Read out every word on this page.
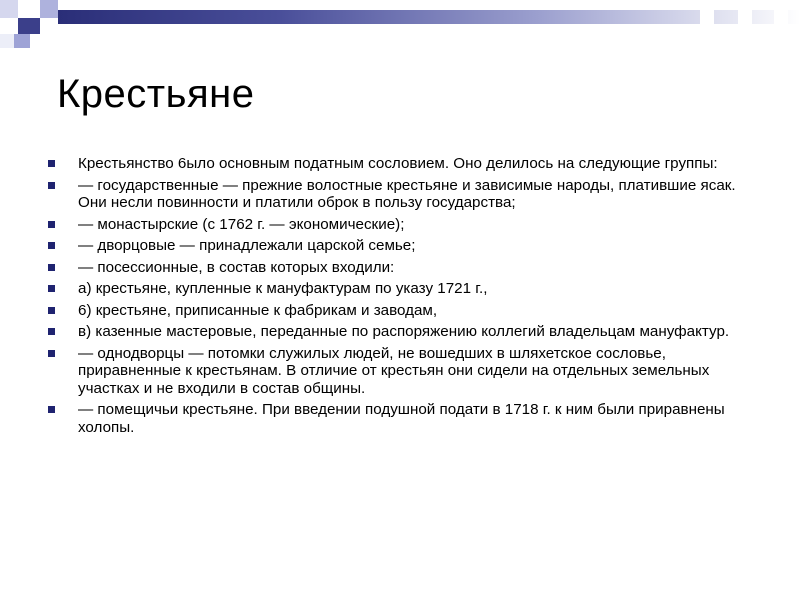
Крестьяне
Крестьянство 6ыло основным податным сословием. Оно делилось на следующие группы:
— государственные — прежние волостные крестьяне и зависимые народы, платившие ясак. Они несли повинности и платили оброк в пользу государства;
— монастырские (с 1762 г. — экономические);
— дворцовые — принадлежали царской семье;
— посессионные, в состав которых входили:
а) крестьяне, купленные к мануфактурам по указу 1721 г.,
6) крестьяне, приписанные к фабрикам и заводам,
в) казенные мастеровые, переданные по распоряжению коллегий владельцам мануфактур.
— однодворцы — потомки служилых людей, не вошедших в шляхетское сословье, приравненные к крестьянам. В отличие от крестьян они сидели на отдельных земельных участках и не входили в состав общины.
— помещичьи крестьяне. При введении подушной подати в 1718 г. к ним были приравнены холопы.
